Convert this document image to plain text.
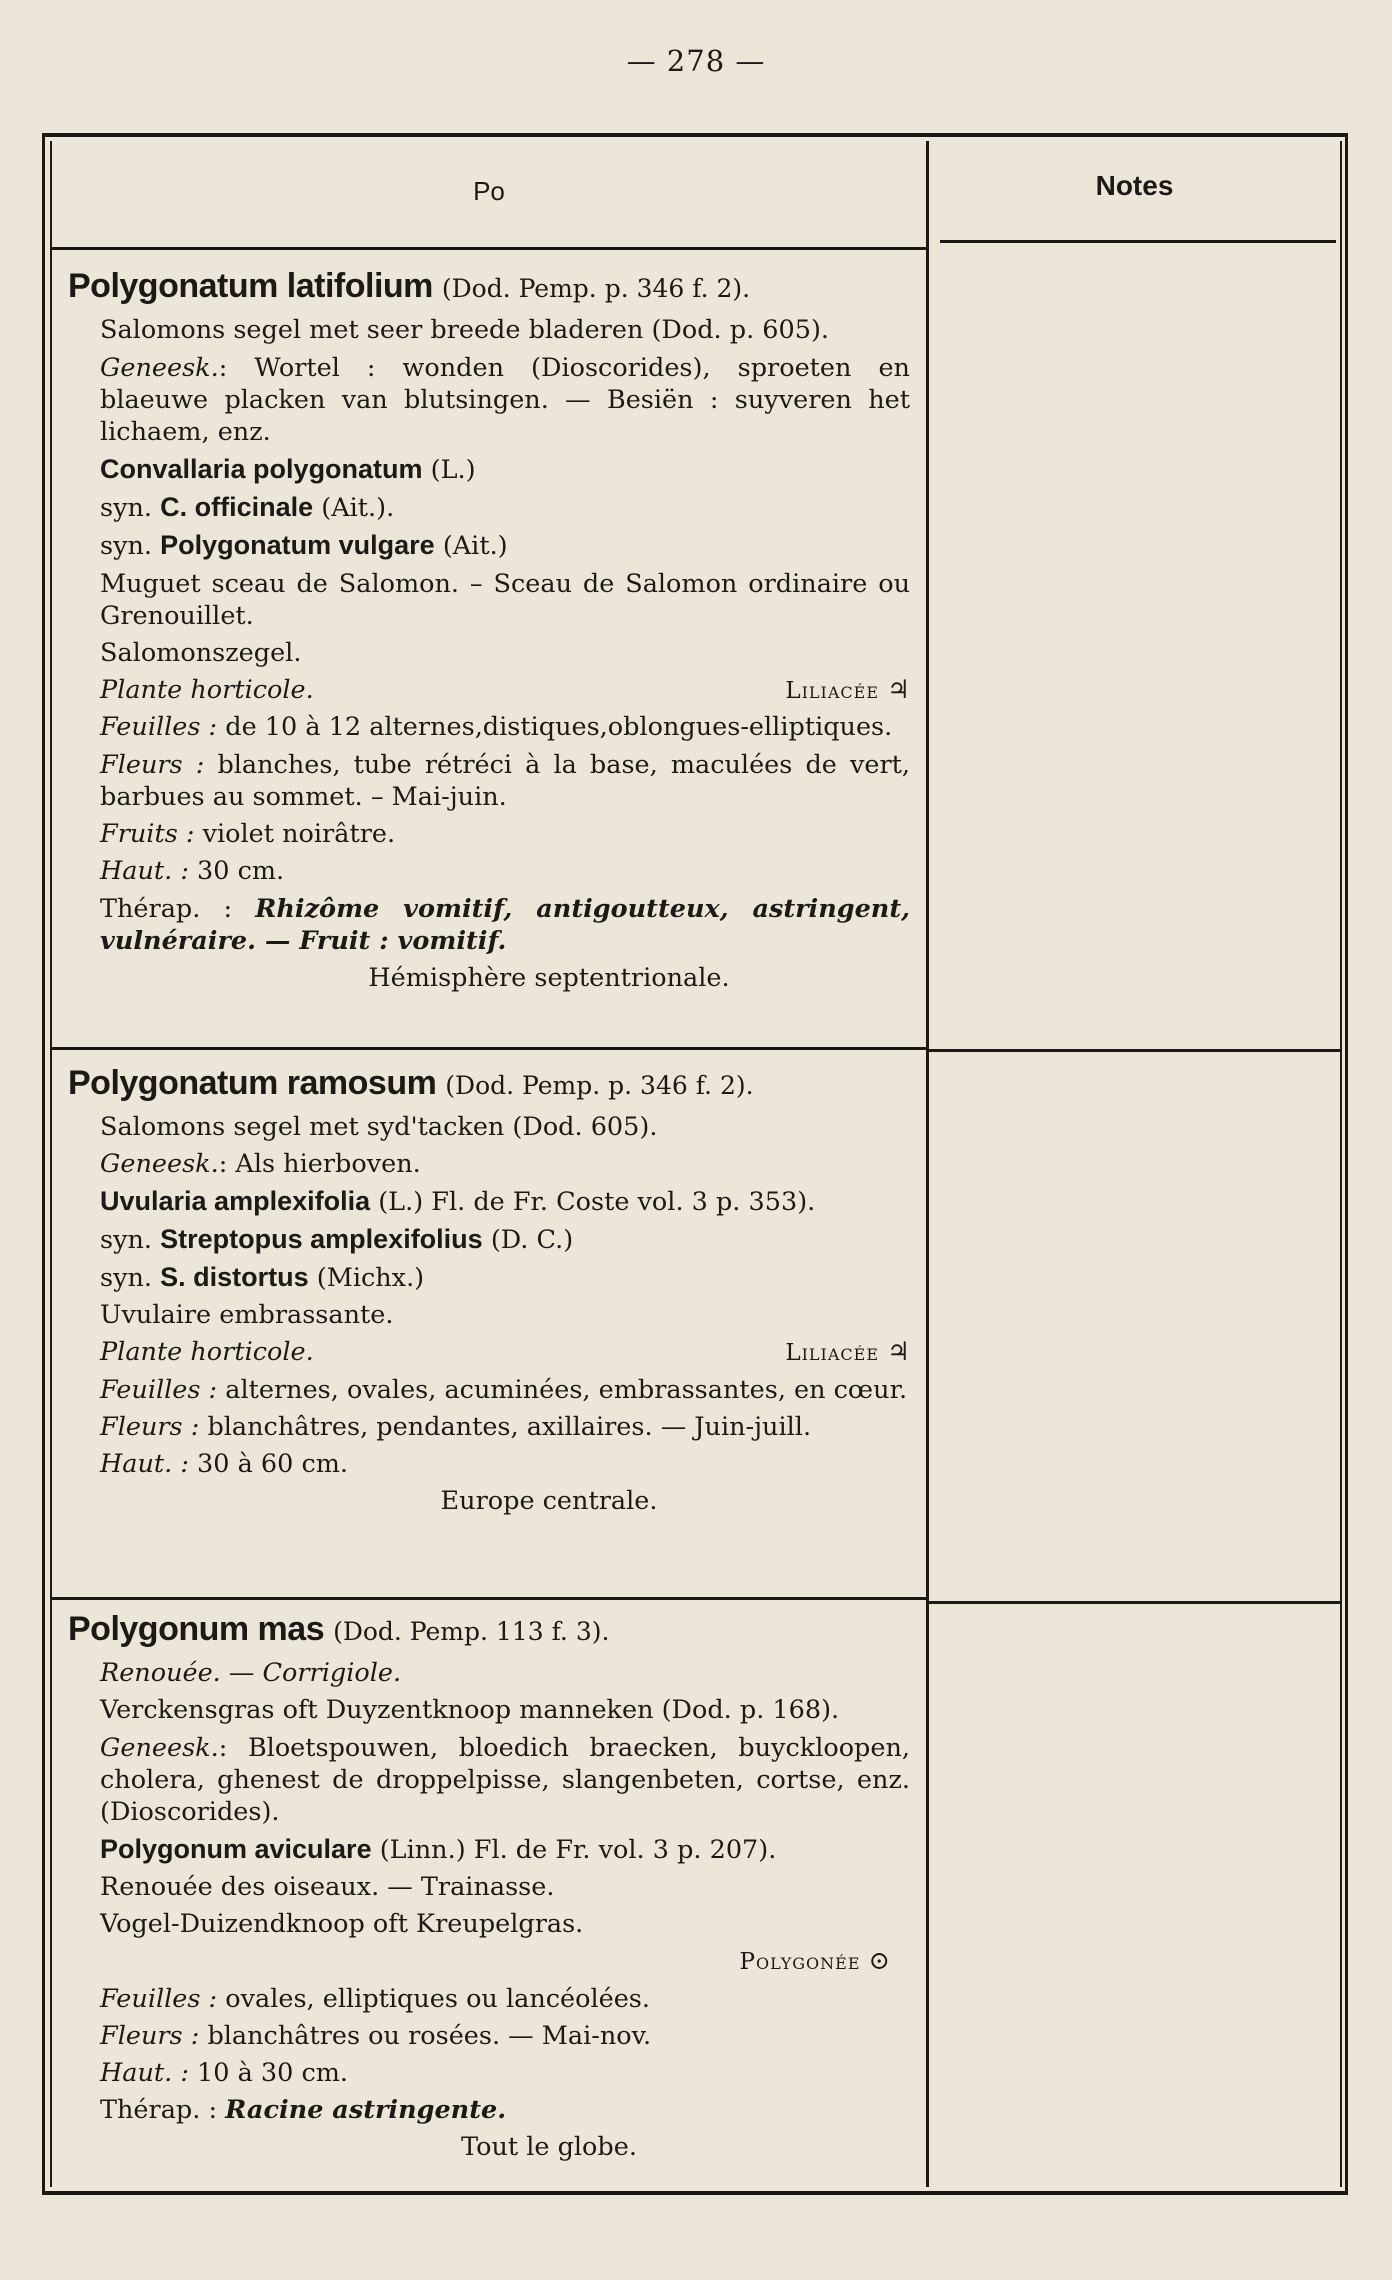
— 278 —
Po	Notes
Polygonatum latifolium (Dod. Pemp. p. 346 f. 2).
Salomons segel met seer breede bladeren (Dod. p. 605).
Geneesk.: Wortel : wonden (Dioscorides), sproeten en blaeuwe placken van blutsingen. — Besiën : suyveren het lichaem, enz.
Convallaria polygonatum (L.)
syn. C. officinale (Ait.).
syn. Polygonatum vulgare (Ait.)
Muguet sceau de Salomon. – Sceau de Salomon ordinaire ou Grenouillet.
Salomonszegel.
Plante horticole.	Liliacée ♃
Feuilles : de 10 à 12 alternes,distiques,oblongues-elliptiques.
Fleurs : blanches, tube rétréci à la base, maculées de vert, barbues au sommet. – Mai-juin.
Fruits : violet noirâtre.
Haut. : 30 cm.
Thérap. : Rhizôme vomitif, antigoutteux, astringent, vulnéraire. — Fruit : vomitif.
Hémisphère septentrionale.
Polygonatum ramosum (Dod. Pemp. p. 346 f. 2).
Salomons segel met syd'tacken (Dod. 605).
Geneesk.: Als hierboven.
Uvularia amplexifolia (L.) Fl. de Fr. Coste vol. 3 p. 353).
syn. Streptopus amplexifolius (D. C.)
syn. S. distortus (Michx.)
Uvulaire embrassante.
Plante horticole.	Liliacée ♃
Feuilles : alternes, ovales, acuminées, embrassantes, en cœur.
Fleurs : blanchâtres, pendantes, axillaires. — Juin-juill.
Haut. : 30 à 60 cm.
Europe centrale.
Polygonum mas (Dod. Pemp. 113 f. 3).
Renouée. — Corrigiole.
Verckensgras oft Duyzentknoop manneken (Dod. p. 168).
Geneesk.: Bloetspouwen, bloedich braecken, buyckloopen, cholera, ghenest de droppelpisse, slangenbeten, cortse, enz. (Dioscorides).
Polygonum aviculare (Linn.) Fl. de Fr. vol. 3 p. 207).
Renouée des oiseaux. — Trainasse.
Vogel-Duizendknoop oft Kreupelgras.
Polygonée ⊙
Feuilles : ovales, elliptiques ou lancéolées.
Fleurs : blanchâtres ou rosées. — Mai-nov.
Haut. : 10 à 30 cm.
Thérap. : Racine astringente.
Tout le globe.
